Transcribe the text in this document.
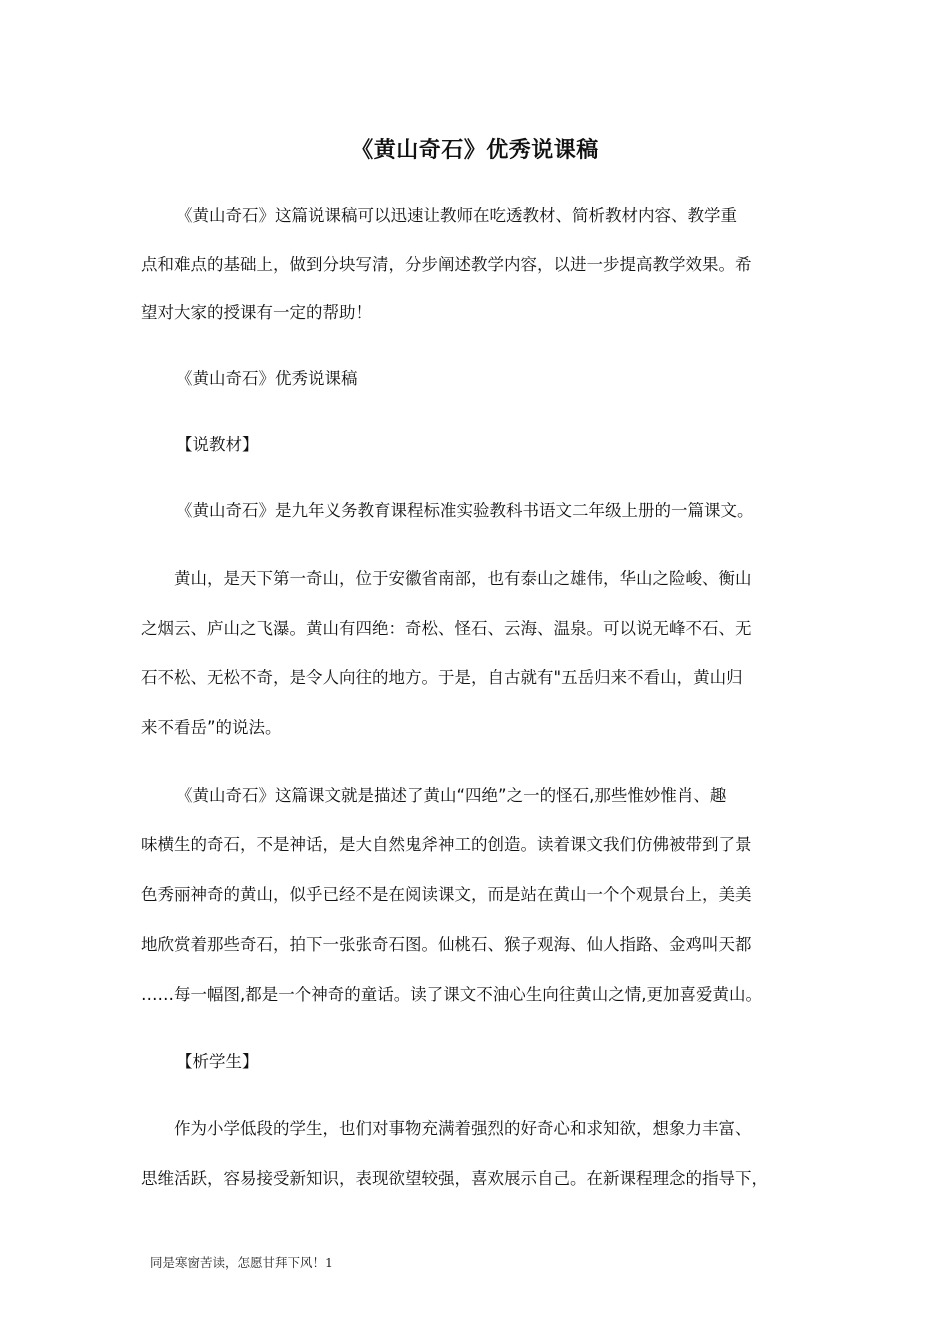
《黄山奇石》优秀说课稿
《黄山奇石》这篇说课稿可以迅速让教师在吃透教材、简析教材内容、教学重
点和难点的基础上，做到分块写清，分步阐述教学内容，以进一步提高教学效果。希
望对大家的授课有一定的帮助！
《黄山奇石》优秀说课稿
【说教材】
《黄山奇石》是九年义务教育课程标准实验教科书语文二年级上册的一篇课文。
黄山，是天下第一奇山，位于安徽省南部，也有泰山之雄伟，华山之险峻、衡山
之烟云、庐山之飞瀑。黄山有四绝：奇松、怪石、云海、温泉。可以说无峰不石、无
石不松、无松不奇，是令人向往的地方。于是，自古就有"五岳归来不看山，黄山归
来不看岳”的说法。
《黄山奇石》这篇课文就是描述了黄山“四绝”之一的怪石,那些惟妙惟肖、趣
味横生的奇石，不是神话，是大自然鬼斧神工的创造。读着课文我们仿佛被带到了景
色秀丽神奇的黄山，似乎已经不是在阅读课文，而是站在黄山一个个观景台上，美美
地欣赏着那些奇石，拍下一张张奇石图。仙桃石、猴子观海、仙人指路、金鸡叫天都
……每一幅图,都是一个神奇的童话。读了课文不油心生向往黄山之情,更加喜爱黄山。
【析学生】
作为小学低段的学生，也们对事物充满着强烈的好奇心和求知欲，想象力丰富、
思维活跃，容易接受新知识，表现欲望较强，喜欢展示自己。在新课程理念的指导下，
同是寒窗苦读，怎愿甘拜下风！1
